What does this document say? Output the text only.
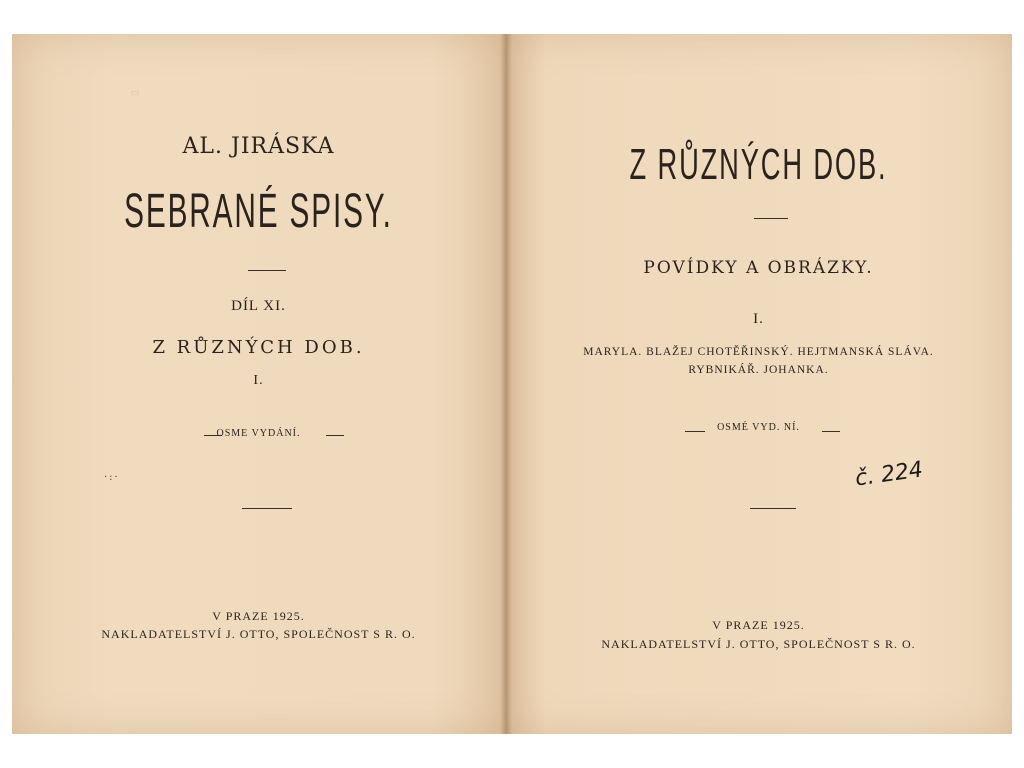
▭
AL. JIRÁSKA
SEBRANÉ SPISY.
DÍL XI.
Z RŮZNÝCH DOB.
I.
OSME VYDÁNÍ.
·:·
V PRAZE 1925.
NAKLADATELSTVÍ J. OTTO, SPOLEČNOST S R. O.
Z RŮZNÝCH DOB.
POVÍDKY A OBRÁZKY.
I.
MARYLA. BLAŽEJ CHOTĚŘINSKÝ. HEJTMANSKÁ SLÁVA.
RYBNIKÁŘ. JOHANKA.
OSMÉ VYD. NÍ.
č. 224
V PRAZE 1925.
NAKLADATELSTVÍ J. OTTO, SPOLEČNOST S R. O.
